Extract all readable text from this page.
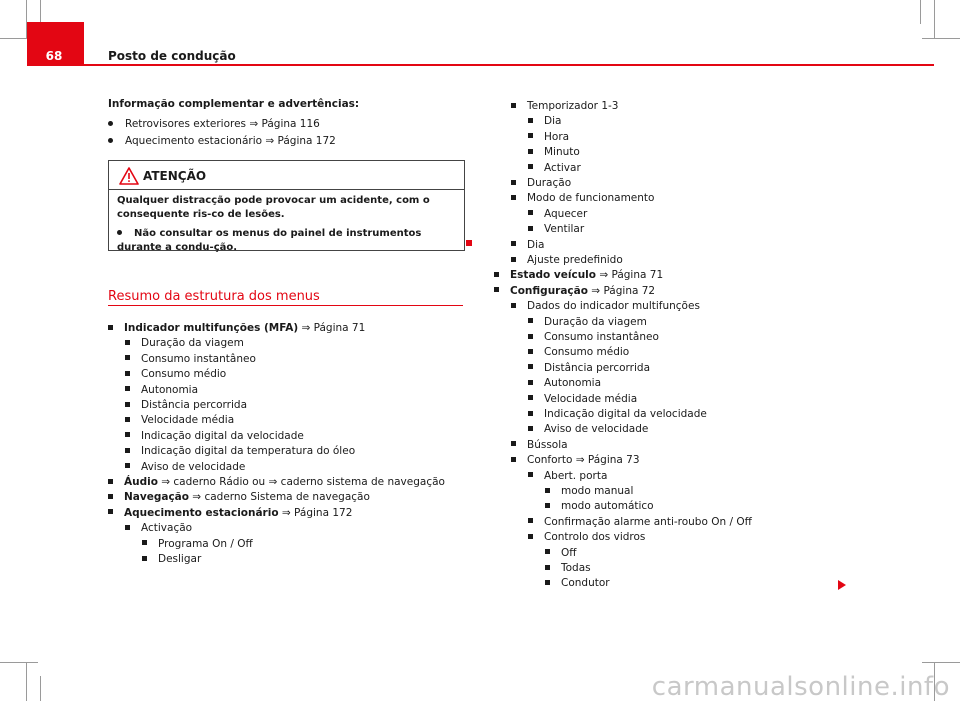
68	Posto de condução
Informação complementar e advertências:
Retrovisores exteriores ⇒ Página 116
Aquecimento estacionário ⇒ Página 172
ATENÇÃO

Qualquer distracção pode provocar um acidente, com o consequente ris-co de lesões.

Não consultar os menus do painel de instrumentos durante a condu-ção.

Resumo da estrutura dos menus
Indicador multifunções (MFA) ⇒ Página 71
Duração da viagem
Consumo instantâneo
Consumo médio
Autonomia
Distância percorrida
Velocidade média
Indicação digital da velocidade
Indicação digital da temperatura do óleo
Aviso de velocidade
Áudio ⇒ caderno Rádio ou ⇒ caderno sistema de navegação
Navegação ⇒ caderno Sistema de navegação
Aquecimento estacionário ⇒ Página 172
Activação
Programa On / Off
Desligar
Temporizador 1-3
Dia
Hora
Minuto
Activar
Duração
Modo de funcionamento
Aquecer
Ventilar
Dia
Ajuste predefinido
Estado veículo ⇒ Página 71
Configuração ⇒ Página 72
Dados do indicador multifunções
Duração da viagem
Consumo instantâneo
Consumo médio
Distância percorrida
Autonomia
Velocidade média
Indicação digital da velocidade
Aviso de velocidade
Bússola
Conforto ⇒ Página 73
Abert. porta
modo manual
modo automático
Confirmação alarme anti-roubo On / Off
Controlo dos vidros
Off
Todas
Condutor
carmanualsonline.info
